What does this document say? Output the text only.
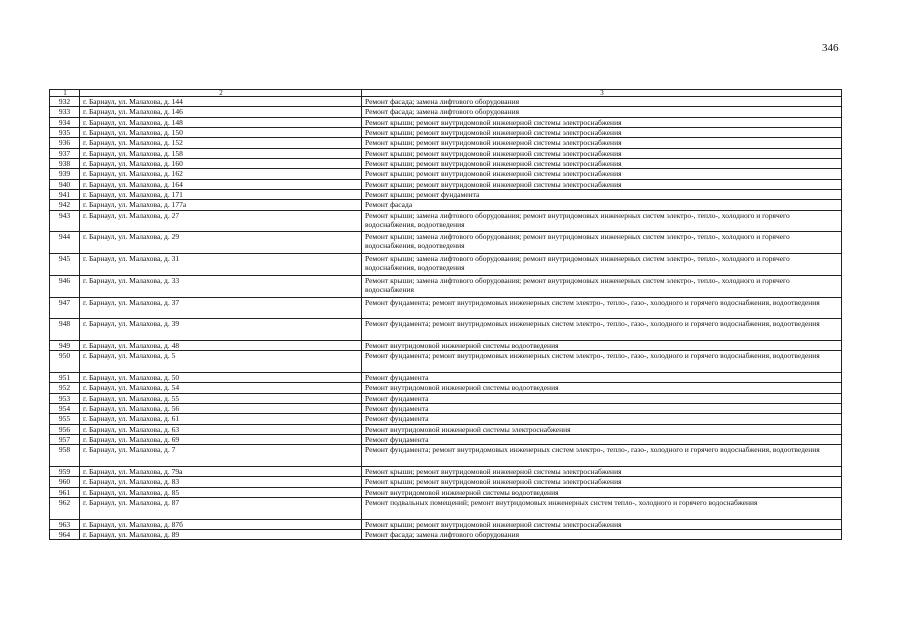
346
1	2	3
932	г. Барнаул, ул. Малахова, д. 144	Ремонт фасада; замена лифтового оборудования
933	г. Барнаул, ул. Малахова, д. 146	Ремонт фасада; замена лифтового оборудования
934	г. Барнаул, ул. Малахова, д. 148	Ремонт крыши; ремонт внутридомовой инженерной системы электроснабжения
935	г. Барнаул, ул. Малахова, д. 150	Ремонт крыши; ремонт внутридомовой инженерной системы электроснабжения
936	г. Барнаул, ул. Малахова, д. 152	Ремонт крыши; ремонт внутридомовой инженерной системы электроснабжения
937	г. Барнаул, ул. Малахова, д. 158	Ремонт крыши; ремонт внутридомовой инженерной системы электроснабжения
938	г. Барнаул, ул. Малахова, д. 160	Ремонт крыши; ремонт внутридомовой инженерной системы электроснабжения
939	г. Барнаул, ул. Малахова, д. 162	Ремонт крыши; ремонт внутридомовой инженерной системы электроснабжения
940	г. Барнаул, ул. Малахова, д. 164	Ремонт крыши; ремонт внутридомовой инженерной системы электроснабжения
941	г. Барнаул, ул. Малахова, д. 171	Ремонт крыши; ремонт фундамента
942	г. Барнаул, ул. Малахова, д. 177а	Ремонт фасада
943	г. Барнаул, ул. Малахова, д. 27	Ремонт крыши; замена лифтового оборудования; ремонт внутридомовых инженерных систем электро-, тепло-, холодного и горячего водоснабжения, водоотведения
944	г. Барнаул, ул. Малахова, д. 29	Ремонт крыши; замена лифтового оборудования; ремонт внутридомовых инженерных систем электро-, тепло-, холодного и горячего водоснабжения, водоотведения
945	г. Барнаул, ул. Малахова, д. 31	Ремонт крыши; замена лифтового оборудования; ремонт внутридомовых инженерных систем электро-, тепло-, холодного и горячего водоснабжения, водоотведения
946	г. Барнаул, ул. Малахова, д. 33	Ремонт крыши; замена лифтового оборудования; ремонт внутридомовых инженерных систем электро-, тепло-, холодного и горячего водоснабжения
947	г. Барнаул, ул. Малахова, д. 37	Ремонт фундамента; ремонт внутридомовых инженерных систем электро-, тепло-, газо-, холодного и горячего водоснабжения, водоотведения
948	г. Барнаул, ул. Малахова, д. 39	Ремонт фундамента; ремонт внутридомовых инженерных систем электро-, тепло-, газо-, холодного и горячего водоснабжения, водоотведения
949	г. Барнаул, ул. Малахова, д. 48	Ремонт внутридомовой инженерной системы водоотведения
950	г. Барнаул, ул. Малахова, д. 5	Ремонт фундамента; ремонт внутридомовых инженерных систем электро-, тепло-, газо-, холодного и горячего водоснабжения, водоотведения
951	г. Барнаул, ул. Малахова, д. 50	Ремонт фундамента
952	г. Барнаул, ул. Малахова, д. 54	Ремонт внутридомовой инженерной системы водоотведения
953	г. Барнаул, ул. Малахова, д. 55	Ремонт фундамента
954	г. Барнаул, ул. Малахова, д. 56	Ремонт фундамента
955	г. Барнаул, ул. Малахова, д. 61	Ремонт фундамента
956	г. Барнаул, ул. Малахова, д. 63	Ремонт внутридомовой инженерной системы электроснабжения
957	г. Барнаул, ул. Малахова, д. 69	Ремонт фундамента
958	г. Барнаул, ул. Малахова, д. 7	Ремонт фундамента; ремонт внутридомовых инженерных систем электро-, тепло-, газо-, холодного и горячего водоснабжения, водоотведения
959	г. Барнаул, ул. Малахова, д. 79а	Ремонт крыши; ремонт внутридомовой инженерной системы электроснабжения
960	г. Барнаул, ул. Малахова, д. 83	Ремонт крыши; ремонт внутридомовой инженерной системы электроснабжения
961	г. Барнаул, ул. Малахова, д. 85	Ремонт внутридомовой инженерной системы водоотведения
962	г. Барнаул, ул. Малахова, д. 87	Ремонт подвальных помещений; ремонт внутридомовых инженерных систем тепло-, холодного и горячего водоснабжения
963	г. Барнаул, ул. Малахова, д. 87б	Ремонт крыши; ремонт внутридомовой инженерной системы электроснабжения
964	г. Барнаул, ул. Малахова, д. 89	Ремонт фасада; замена лифтового оборудования
